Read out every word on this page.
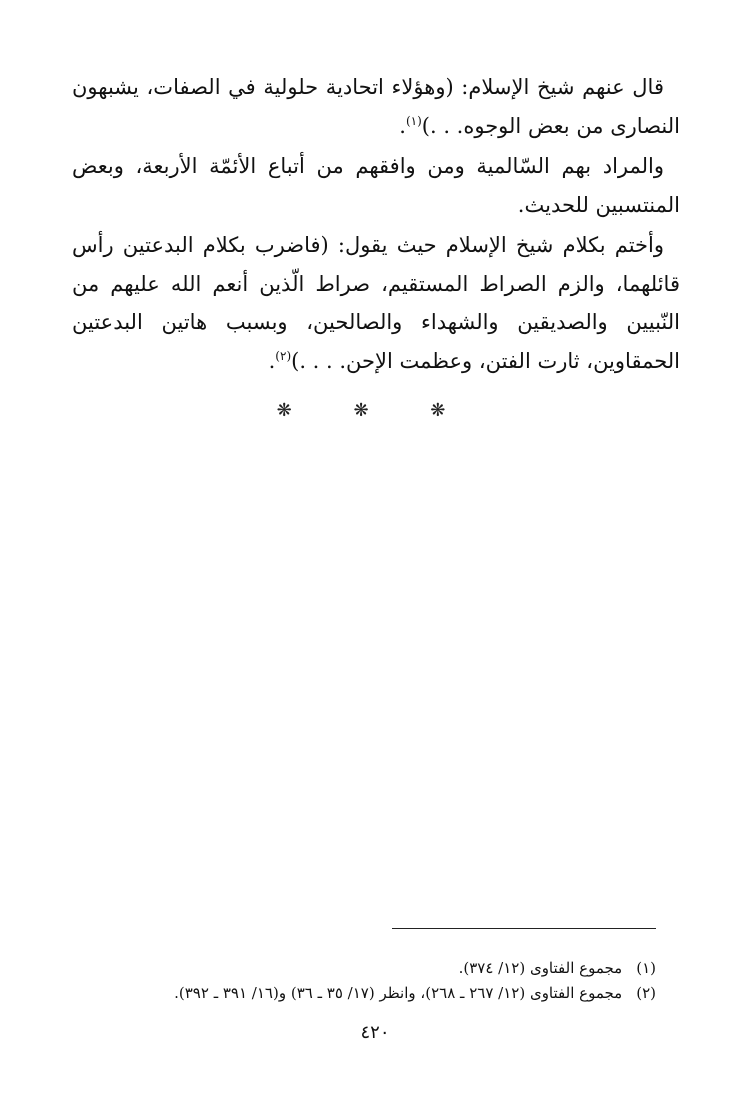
قال عنهم شيخ الإسلام: (وهؤلاء اتحادية حلولية في الصفات، يشبهون النصارى من بعض الوجوه. . .)$^{(١)}$.

والمراد بهم السّالمية ومن وافقهم من أتباع الأئمّة الأربعة، وبعض المنتسبين للحديث.

وأختم بكلام شيخ الإسلام حيث يقول: (فاضرب بكلام البدعتين رأس قائلهما، والزم الصراط المستقيم، صراط الّذين أنعم الله عليهم من النّبيين والصديقين والشهداء والصالحين، وبسبب هاتين البدعتين الحمقاوين، ثارت الفتن، وعظمت الإحن. . . .)$^{(٢)}$.

❋ ❋ ❋
(١)مجموع الفتاوى (١٢/ ٣٧٤).
(٢)مجموع الفتاوى (١٢/ ٢٦٧ ـ ٢٦٨)، وانظر (١٧/ ٣٥ ـ ٣٦) و(١٦/ ٣٩١ ـ ٣٩٢).
٤٢٠
